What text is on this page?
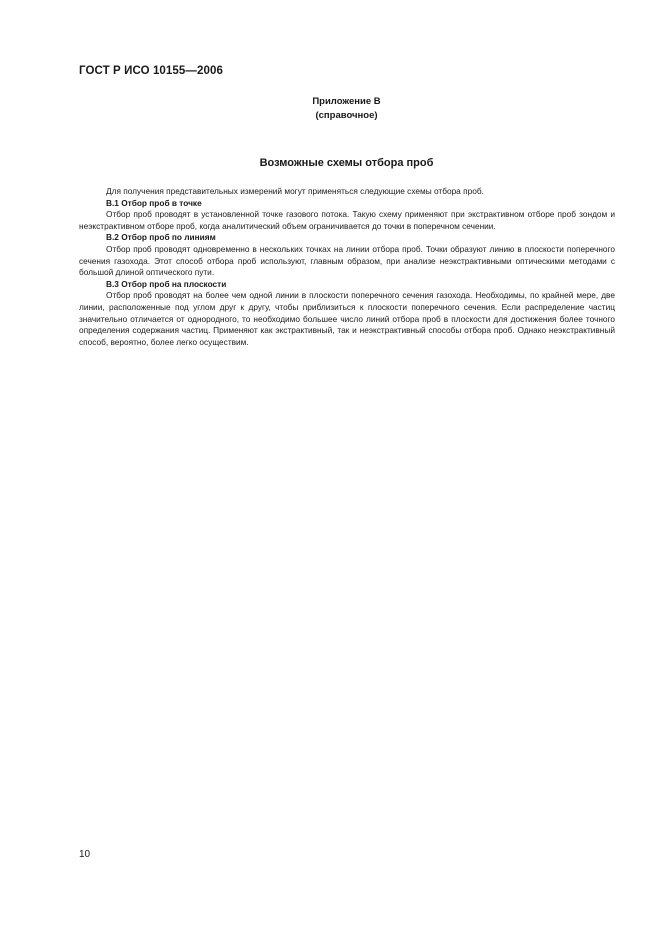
ГОСТ Р ИСО 10155—2006
Приложение В
(справочное)
Возможные схемы отбора проб

Для получения представительных измерений могут применяться следующие схемы отбора проб.

В.1 Отбор проб в точке

Отбор проб проводят в установленной точке газового потока. Такую схему применяют при экстрактивном отборе проб зондом и неэкстрактивном отборе проб, когда аналитический объем ограничивается до точки в поперечном сечении.

В.2 Отбор проб по линиям

Отбор проб проводят одновременно в нескольких точках на линии отбора проб. Точки образуют линию в плоскости поперечного сечения газохода. Этот способ отбора проб используют, главным образом, при анализе неэкстрактивными оптическими методами с большой длиной оптического пути.

В.3 Отбор проб на плоскости

Отбор проб проводят на более чем одной линии в плоскости поперечного сечения газохода. Необходимы, по крайней мере, две линии, расположенные под углом друг к другу, чтобы приблизиться к плоскости поперечного сечения. Если распределение частиц значительно отличается от однородного, то необходимо большее число линий отбора проб в плоскости для достижения более точного определения содержания частиц. Применяют как экстрактивный, так и неэкстрактивный способы отбора проб. Однако неэкстрактивный способ, вероятно, более легко осуществим.

10
